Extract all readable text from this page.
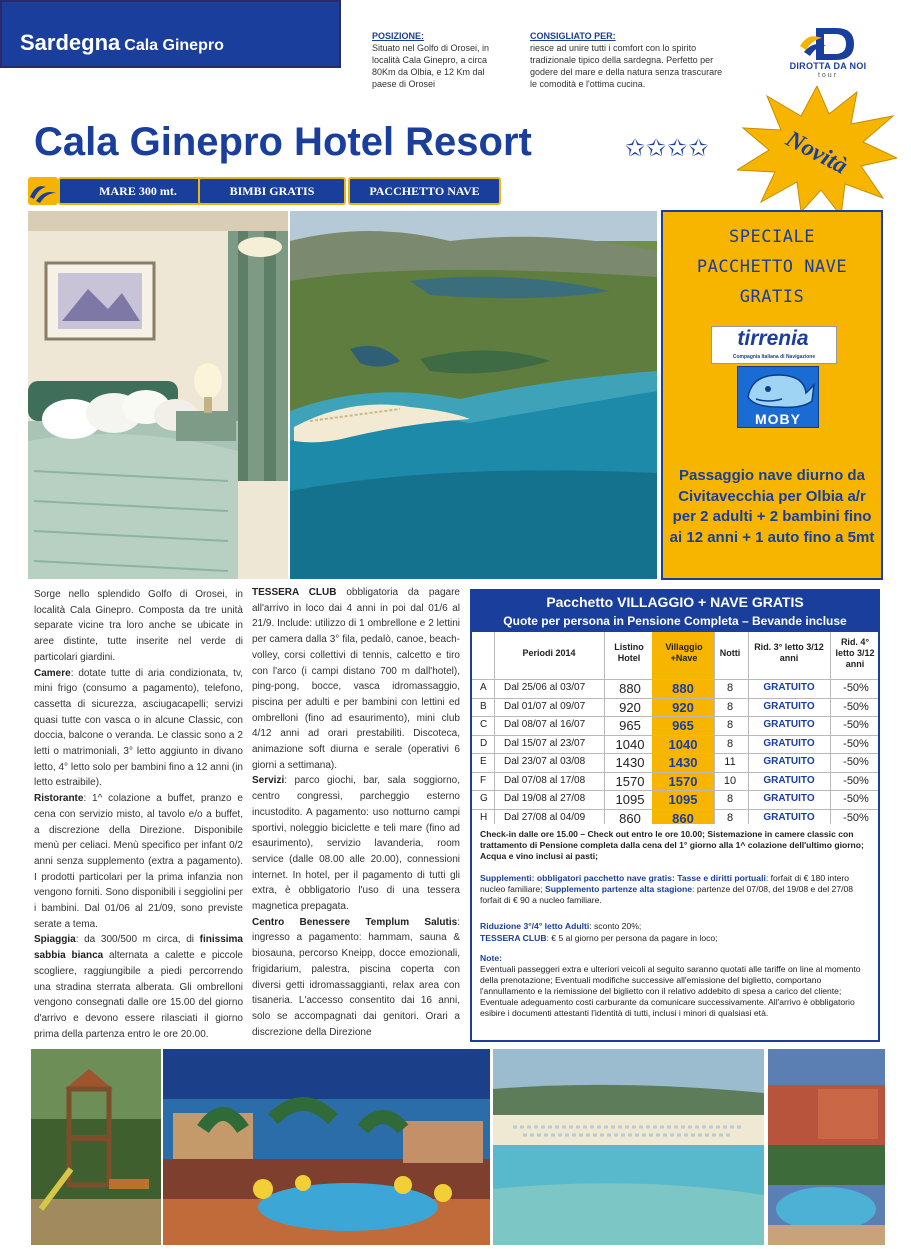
Sardegna Cala Ginepro
POSIZIONE:
Situato nel Golfo di Orosei, in località Cala Ginepro, a circa 80Km da Olbia, e 12 Km dal paese di Orosei
CONSIGLIATO PER:
riesce ad unire tutti i comfort con lo spirito tradizionale tipico della sardegna. Perfetto per godere del mare e della natura senza trascurare le comodità e l'ottima cucina.
DIROTTA DA NOI
tour
Cala Ginepro Hotel Resort	✩✩✩✩	Novità
MARE 300 mt.	BIMBI GRATIS	PACCHETTO NAVE
SPECIALE
PACCHETTO NAVE
GRATIS
tirrenia
Compagnia Italiana di Navigazione
MOBY
Passaggio nave diurno da Civitavecchia per Olbia a/r per 2 adulti + 2 bambini fino ai 12 anni + 1 auto fino a 5mt

Sorge nello splendido Golfo di Orosei, in località Cala Ginepro. Composta da tre unità separate vicine tra loro anche se ubicate in aree distinte, tutte inserite nel verde di particolari giardini.

Camere: dotate tutte di aria condizionata, tv, mini frigo (consumo a pagamento), telefono, cassetta di sicurezza, asciugacapelli; servizi quasi tutte con vasca o in alcune Classic, con doccia, balcone o veranda. Le classic sono a 2 letti o matrimoniali, 3° letto aggiunto in divano letto, 4° letto solo per bambini fino a 12 anni (in letto estraibile).

Ristorante: 1^ colazione a buffet, pranzo e cena con servizio misto, al tavolo e/o a buffet, a discrezione della Direzione. Disponibile menù per celiaci. Menù specifico per infant 0/2 anni senza supplemento (extra a pagamento). I prodotti particolari per la prima infanzia non vengono forniti. Sono disponibili i seggiolini per i bambini. Dal 01/06 al 21/09, sono previste serate a tema.

Spiaggia: da 300/500 m circa, di finissima sabbia bianca alternata a calette e piccole scogliere, raggiungibile a piedi percorrendo una stradina sterrata alberata. Gli ombrelloni vengono consegnati dalle ore 15.00 del giorno d'arrivo e devono essere rilasciati il giorno prima della partenza entro le ore 20.00.

TESSERA CLUB obbligatoria da pagare all'arrivo in loco dai 4 anni in poi dal 01/6 al 21/9. Include: utilizzo di 1 ombrellone e 2 lettini per camera dalla 3° fila, pedalò, canoe, beach-volley, corsi collettivi di tennis, calcetto e tiro con l'arco (i campi distano 700 m dall'hotel), ping-pong, bocce, vasca idromassaggio, piscina per adulti e per bambini con lettini ed ombrelloni (fino ad esaurimento), mini club 4/12 anni ad orari prestabiliti. Discoteca, animazione soft diurna e serale (operativi 6 giorni a settimana).

Servizi: parco giochi, bar, sala soggiorno, centro congressi, parcheggio esterno incustodito. A pagamento: uso notturno campi sportivi, noleggio biciclette e teli mare (fino ad esaurimento), servizio lavanderia, room service (dalle 08.00 alle 20.00), connessioni internet. In hotel, per il pagamento di tutti gli extra, è obbligatorio l'uso di una tessera magnetica prepagata.

Centro Benessere Templum Salutis: ingresso a pagamento: hammam, sauna & biosauna, percorso Kneipp, docce emozionali, frigidarium, palestra, piscina coperta con diversi getti idromassaggianti, relax area con tisaneria. L'accesso consentito dai 16 anni, solo se accompagnati dai genitori. Orari a discrezione della Direzione

Pacchetto VILLAGGIO + NAVE GRATIS
Quote per persona in Pensione Completa – Bevande incluse
Periodi 2014
Listino Hotel
Villaggio +Nave
Notti
Rid. 3° letto 3/12 anni
Rid. 4° letto 3/12 anni
A Dal 25/06 al 03/07	880	880	8	GRATUITO	-50%
B Dal 01/07 al 09/07	920	920	8	GRATUITO	-50%
C Dal 08/07 al 16/07	965	965	8	GRATUITO	-50%
D Dal 15/07 al 23/07	1040	1040	8	GRATUITO	-50%
E Dal 23/07 al 03/08	1430	1430	11	GRATUITO	-50%
F Dal 07/08 al 17/08	1570	1570	10	GRATUITO	-50%
G Dal 19/08 al 27/08	1095	1095	8	GRATUITO	-50%
H Dal 27/08 al 04/09	860	860	8	GRATUITO	-50%
Check-in dalle ore 15.00 – Check out entro le ore 10.00; Sistemazione in camere classic con trattamento di Pensione completa dalla cena del 1° giorno alla 1^ colazione dell'ultimo giorno; Acqua e vino inclusi ai pasti;
Supplementi: obbligatori pacchetto nave gratis: Tasse e diritti portuali: forfait di € 180 intero nucleo familiare; Supplemento partenze alta stagione: partenze del 07/08, del 19/08 e del 27/08 forfait di € 90 a nucleo familiare.
Riduzione 3°/4° letto Adulti: sconto 20%;
TESSERA CLUB: € 5 al giorno per persona da pagare in loco;
Note:
Eventuali passeggeri extra e ulteriori veicoli al seguito saranno quotati alle tariffe on line al momento della prenotazione; Eventuali modifiche successive all'emissione del biglietto, comportano l'annullamento e la riemissione del biglietto con il relativo addebito di spesa a carico del cliente; Eventuale adeguamento costi carburante da comunicare successivamente. All'arrivo è obbligatorio esibire i documenti attestanti l'identità di tutti, inclusi i minori di qualsiasi età.
